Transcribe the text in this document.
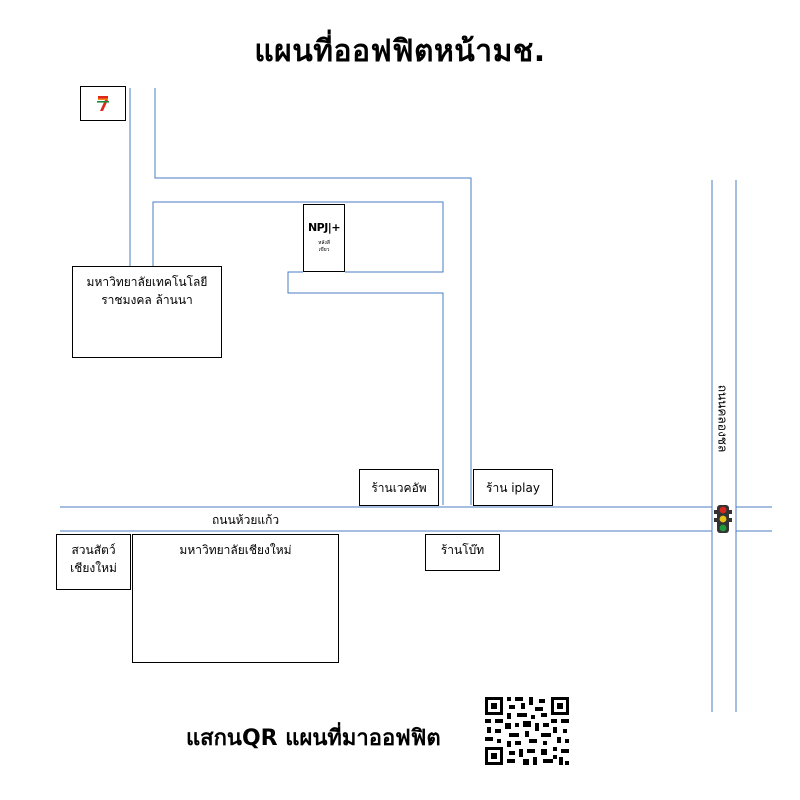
แผนที่ออฟฟิตหน้ามช.
NPJ|+
หลังสี
เขียว
มหาวิทยาลัยเทคโนโลยี
ราชมงคล ล้านนา
มหาวิทยาลัยเชียงใหม่
สวนสัตว์
เชียงใหม่
ร้านเวคอัพ	ร้าน iplay
ร้านโบ๊ท
ถนนห้วยแก้ว
ถนนคลองชล
แสกนQR แผนที่มาออฟฟิต
